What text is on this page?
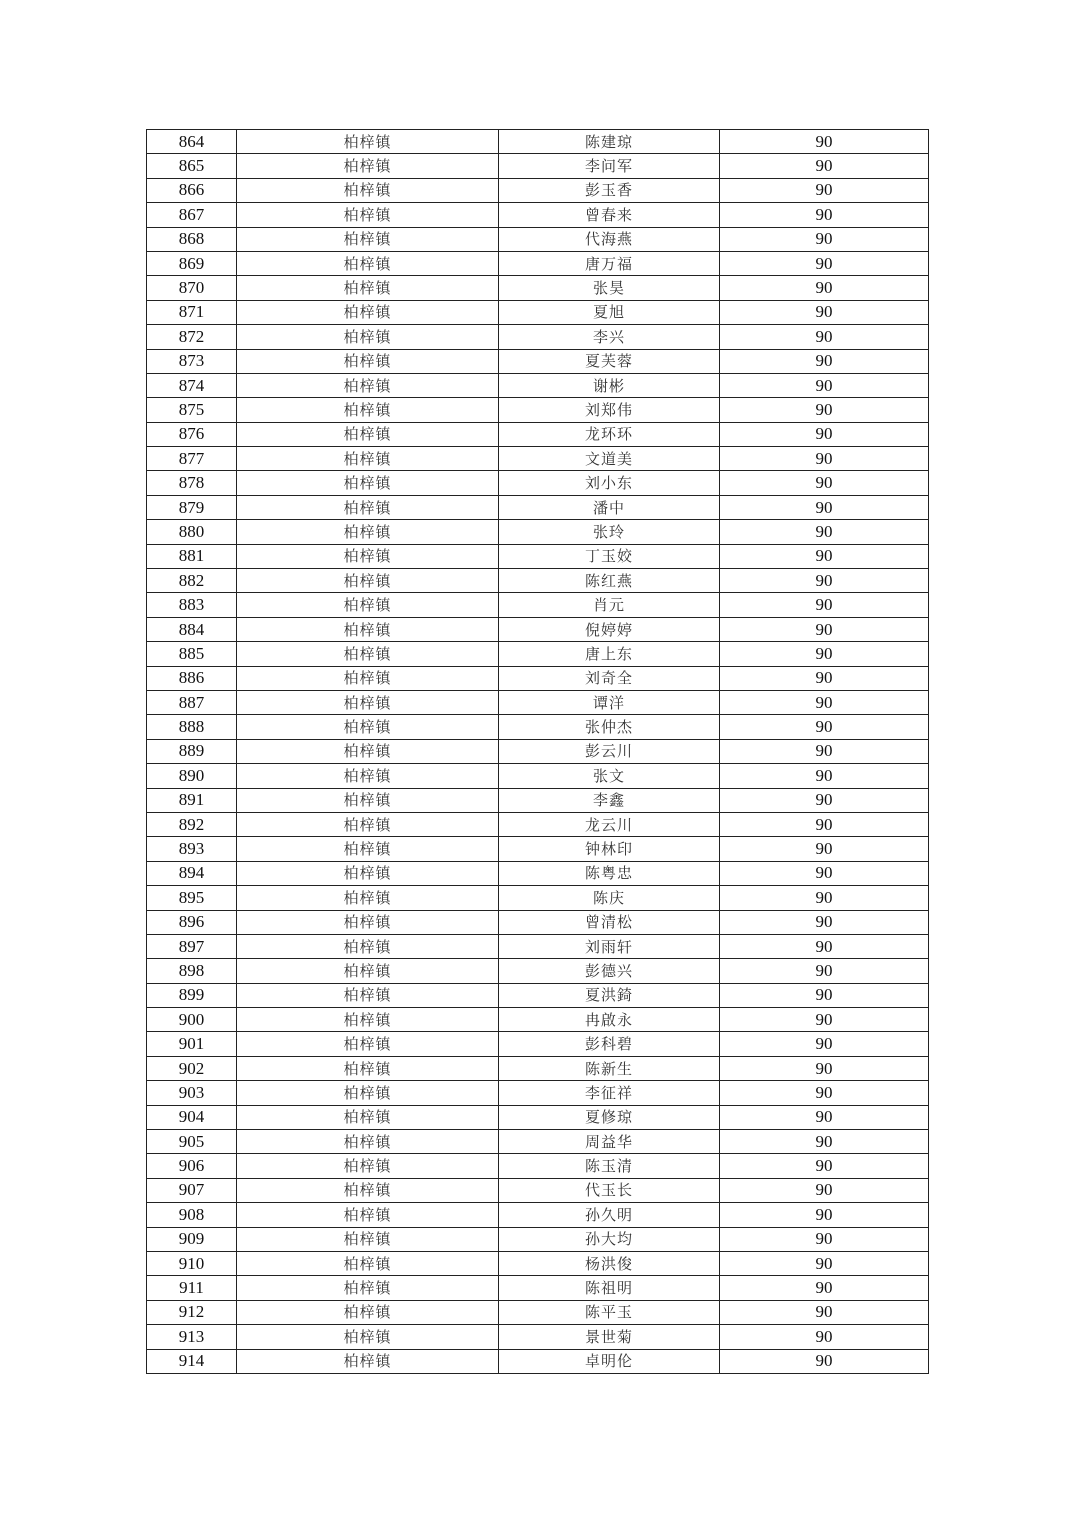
864	柏梓镇	陈建琼	90
865	柏梓镇	李问军	90
866	柏梓镇	彭玉香	90
867	柏梓镇	曾春来	90
868	柏梓镇	代海燕	90
869	柏梓镇	唐万福	90
870	柏梓镇	张昊	90
871	柏梓镇	夏旭	90
872	柏梓镇	李兴	90
873	柏梓镇	夏芙蓉	90
874	柏梓镇	谢彬	90
875	柏梓镇	刘郑伟	90
876	柏梓镇	龙环环	90
877	柏梓镇	文道美	90
878	柏梓镇	刘小东	90
879	柏梓镇	潘中	90
880	柏梓镇	张玲	90
881	柏梓镇	丁玉姣	90
882	柏梓镇	陈红燕	90
883	柏梓镇	肖元	90
884	柏梓镇	倪婷婷	90
885	柏梓镇	唐上东	90
886	柏梓镇	刘奇全	90
887	柏梓镇	谭洋	90
888	柏梓镇	张仲杰	90
889	柏梓镇	彭云川	90
890	柏梓镇	张文	90
891	柏梓镇	李鑫	90
892	柏梓镇	龙云川	90
893	柏梓镇	钟林印	90
894	柏梓镇	陈粤忠	90
895	柏梓镇	陈庆	90
896	柏梓镇	曾清松	90
897	柏梓镇	刘雨轩	90
898	柏梓镇	彭德兴	90
899	柏梓镇	夏洪錡	90
900	柏梓镇	冉啟永	90
901	柏梓镇	彭科碧	90
902	柏梓镇	陈新生	90
903	柏梓镇	李征祥	90
904	柏梓镇	夏修琼	90
905	柏梓镇	周益华	90
906	柏梓镇	陈玉清	90
907	柏梓镇	代玉长	90
908	柏梓镇	孙久明	90
909	柏梓镇	孙大均	90
910	柏梓镇	杨洪俊	90
911	柏梓镇	陈祖明	90
912	柏梓镇	陈平玉	90
913	柏梓镇	景世菊	90
914	柏梓镇	卓明伦	90
